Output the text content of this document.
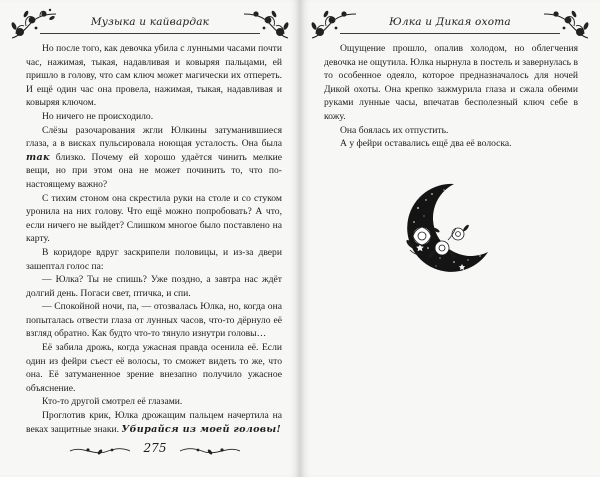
Музыка и кайвардак

Но после того, как девочка убила с лунными часами почти час, нажимая, тыкая, надавливая и ковыряя пальцами, ей пришло в голову, что сам ключ может магически их отпереть. И ещё один час она провела, нажимая, тыкая, надавливая и ковыряя ключом.

Но ничего не происходило.

Слёзы разочарования жгли Юлкины затуманившиеся глаза, а в висках пульсировала ноющая усталость. Она была так близко. Почему ей хорошо удаётся чинить мелкие вещи, но при этом она не может починить то, что по-настоящему важно?

С тихим стоном она скрестила руки на столе и со стуком уронила на них голову. Что ещё можно попробовать? А что, если ничего не выйдет? Слишком многое было поставлено на карту.

В коридоре вдруг заскрипели половицы, и из-за двери зашептал голос па:

— Юлка? Ты не спишь? Уже поздно, а завтра нас ждёт долгий день. Погаси свет, птичка, и спи.

— Спокойной ночи, па, — отозвалась Юлка, но, когда она попыталась отвести глаза от лунных часов, что-то дёрнуло её взгляд обратно. Как будто что-то тянуло изнутри головы…

Её забила дрожь, когда ужасная правда осенила её. Если один из фейри съест её волосы, то сможет видеть то же, что она. Её затуманенное зрение внезапно получило ужасное объяснение.

Кто-то другой смотрел её глазами.

Проглотив крик, Юлка дрожащим пальцем начертила на веках защитные знаки. Убирайся из моей головы!

275
Юлка и Дикая охота

Ощущение прошло, опалив холодом, но облегчения девочка не ощутила. Юлка нырнула в постель и завернулась в то особенное одеяло, которое предназначалось для ночей Дикой охоты. Она крепко зажмурила глаза и сжала обеими руками лунные часы, впечатав бесполезный ключ себе в кожу.

Она боялась их отпустить.

А у фейри оставались ещё два её волоска.
